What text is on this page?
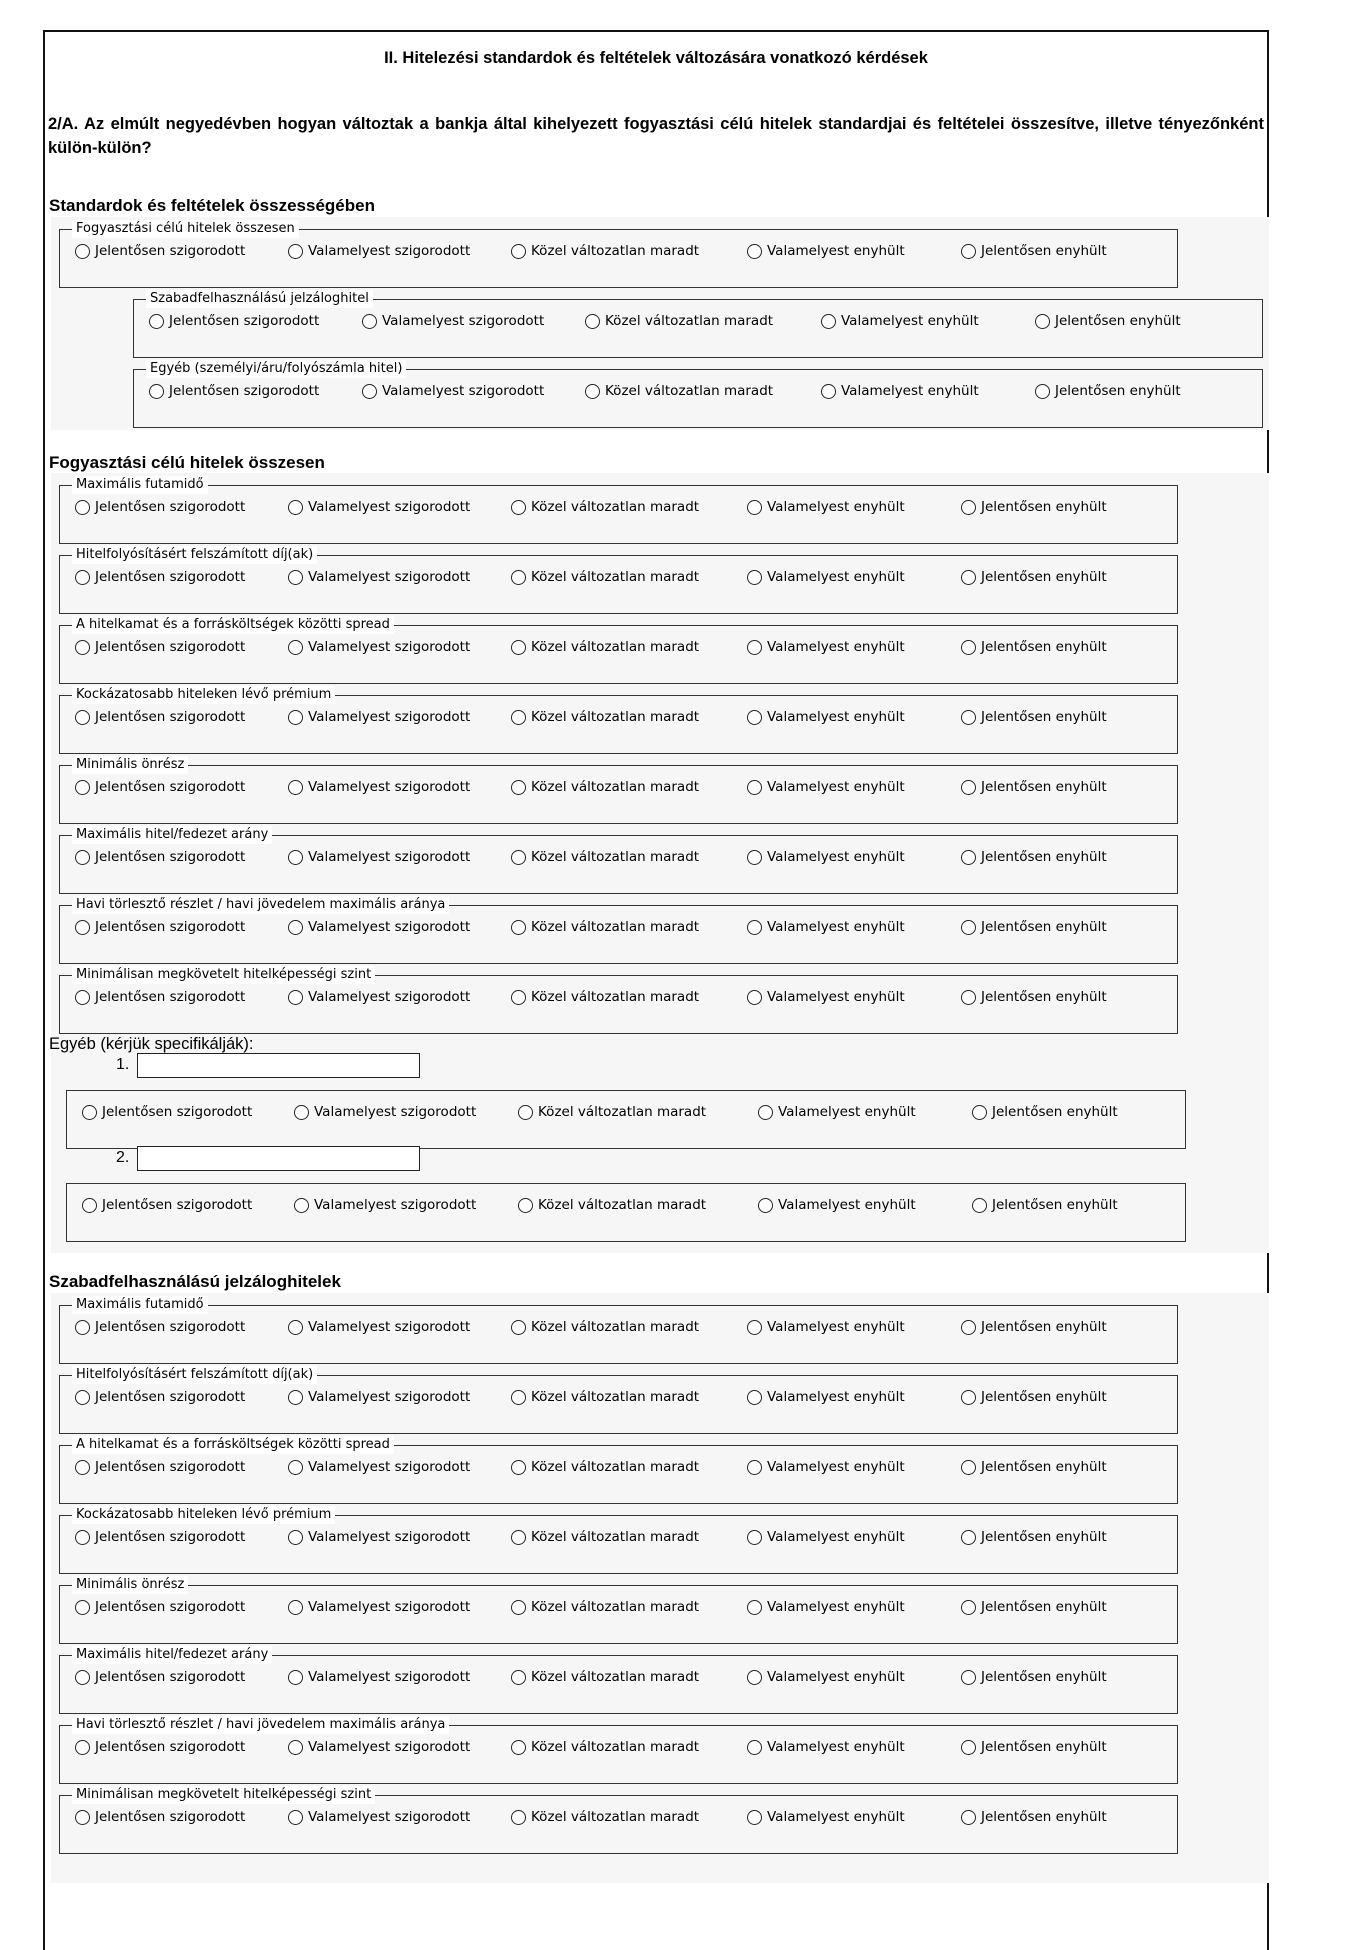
II. Hitelezési standardok és feltételek változására vonatkozó kérdések
2/A. Az elmúlt negyedévben hogyan változtak a bankja által kihelyezett fogyasztási célú hitelek standardjai és feltételei összesítve, illetve tényezőnként külön-külön?
Standardok és feltételek összességében
Fogyasztási célú hitelek összesen
Jelentősen szigorodott	Valamelyest szigorodott	Közel változatlan maradt	Valamelyest enyhült	Jelentősen enyhült
Szabadfelhasználású jelzáloghitel
Jelentősen szigorodott	Valamelyest szigorodott	Közel változatlan maradt	Valamelyest enyhült	Jelentősen enyhült
Egyéb (személyi/áru/folyószámla hitel)
Jelentősen szigorodott	Valamelyest szigorodott	Közel változatlan maradt	Valamelyest enyhült	Jelentősen enyhült
Fogyasztási célú hitelek összesen
Maximális futamidő
Jelentősen szigorodott	Valamelyest szigorodott	Közel változatlan maradt	Valamelyest enyhült	Jelentősen enyhült
Hitelfolyósításért felszámított díj(ak)
Jelentősen szigorodott	Valamelyest szigorodott	Közel változatlan maradt	Valamelyest enyhült	Jelentősen enyhült
A hitelkamat és a forrásköltségek közötti spread
Jelentősen szigorodott	Valamelyest szigorodott	Közel változatlan maradt	Valamelyest enyhült	Jelentősen enyhült
Kockázatosabb hiteleken lévő prémium
Jelentősen szigorodott	Valamelyest szigorodott	Közel változatlan maradt	Valamelyest enyhült	Jelentősen enyhült
Minimális önrész
Jelentősen szigorodott	Valamelyest szigorodott	Közel változatlan maradt	Valamelyest enyhült	Jelentősen enyhült
Maximális hitel/fedezet arány
Jelentősen szigorodott	Valamelyest szigorodott	Közel változatlan maradt	Valamelyest enyhült	Jelentősen enyhült
Havi törlesztő részlet / havi jövedelem maximális aránya
Jelentősen szigorodott	Valamelyest szigorodott	Közel változatlan maradt	Valamelyest enyhült	Jelentősen enyhült
Minimálisan megkövetelt hitelképességi szint
Jelentősen szigorodott	Valamelyest szigorodott	Közel változatlan maradt	Valamelyest enyhült	Jelentősen enyhült
Egyéb (kérjük specifikálják):
1.
Jelentősen szigorodott	Valamelyest szigorodott	Közel változatlan maradt	Valamelyest enyhült	Jelentősen enyhült
2.
Jelentősen szigorodott	Valamelyest szigorodott	Közel változatlan maradt	Valamelyest enyhült	Jelentősen enyhült
Szabadfelhasználású jelzáloghitelek
Maximális futamidő
Jelentősen szigorodott	Valamelyest szigorodott	Közel változatlan maradt	Valamelyest enyhült	Jelentősen enyhült
Hitelfolyósításért felszámított díj(ak)
Jelentősen szigorodott	Valamelyest szigorodott	Közel változatlan maradt	Valamelyest enyhült	Jelentősen enyhült
A hitelkamat és a forrásköltségek közötti spread
Jelentősen szigorodott	Valamelyest szigorodott	Közel változatlan maradt	Valamelyest enyhült	Jelentősen enyhült
Kockázatosabb hiteleken lévő prémium
Jelentősen szigorodott	Valamelyest szigorodott	Közel változatlan maradt	Valamelyest enyhült	Jelentősen enyhült
Minimális önrész
Jelentősen szigorodott	Valamelyest szigorodott	Közel változatlan maradt	Valamelyest enyhült	Jelentősen enyhült
Maximális hitel/fedezet arány
Jelentősen szigorodott	Valamelyest szigorodott	Közel változatlan maradt	Valamelyest enyhült	Jelentősen enyhült
Havi törlesztő részlet / havi jövedelem maximális aránya
Jelentősen szigorodott	Valamelyest szigorodott	Közel változatlan maradt	Valamelyest enyhült	Jelentősen enyhült
Minimálisan megkövetelt hitelképességi szint
Jelentősen szigorodott	Valamelyest szigorodott	Közel változatlan maradt	Valamelyest enyhült	Jelentősen enyhült
